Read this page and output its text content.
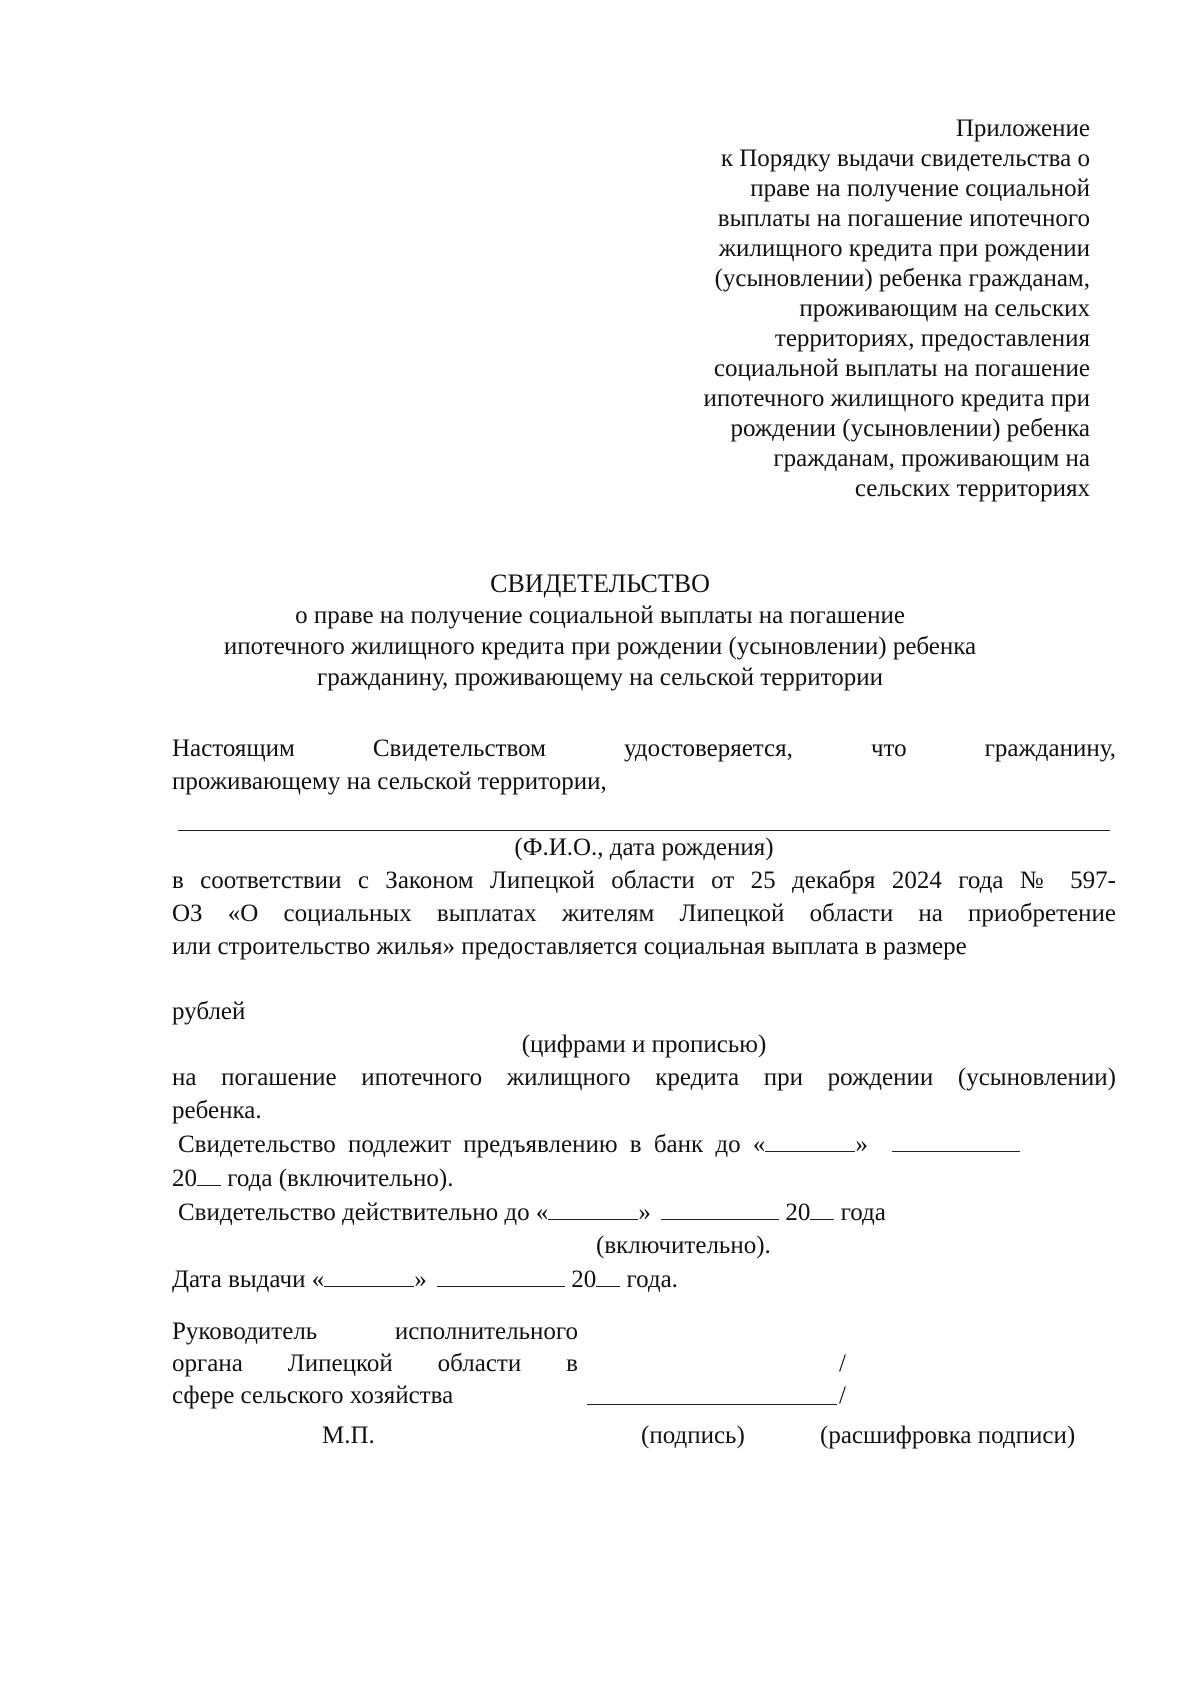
Приложение
к Порядку выдачи свидетельства о
праве на получение социальной
выплаты на погашение ипотечного
жилищного кредита при рождении
(усыновлении) ребенка гражданам,
проживающим на сельских
территориях, предоставления
социальной выплаты на погашение
ипотечного жилищного кредита при
рождении (усыновлении) ребенка
гражданам, проживающим на
сельских территориях
СВИДЕТЕЛЬСТВО
о праве на получение социальной выплаты на погашение
ипотечного жилищного кредита при рождении (усыновлении) ребенка
гражданину, проживающему на сельской территории
Настоящим Свидетельством удостоверяется, что гражданину,
проживающему на сельской территории,
(Ф.И.О., дата рождения)
в соответствии с Законом Липецкой области от 25 декабря 2024 года № 597-
ОЗ «О социальных выплатах жителям Липецкой области на приобретение
или строительство жилья» предоставляется социальная выплата в размере
рублей
(цифрами и прописью)
на погашение ипотечного жилищного кредита при рождении (усыновлении)
ребенка.
Свидетельство подлежит предъявлению в банк до «	»
20 года (включительно).
Свидетельство действительно до «	»	20 года
(включительно).
Дата выдачи «	»	20 года.
Руководитель исполнительного
органа Липецкой области в
сфере сельского хозяйства
/
/
М.П.	(подпись)	(расшифровка подписи)
